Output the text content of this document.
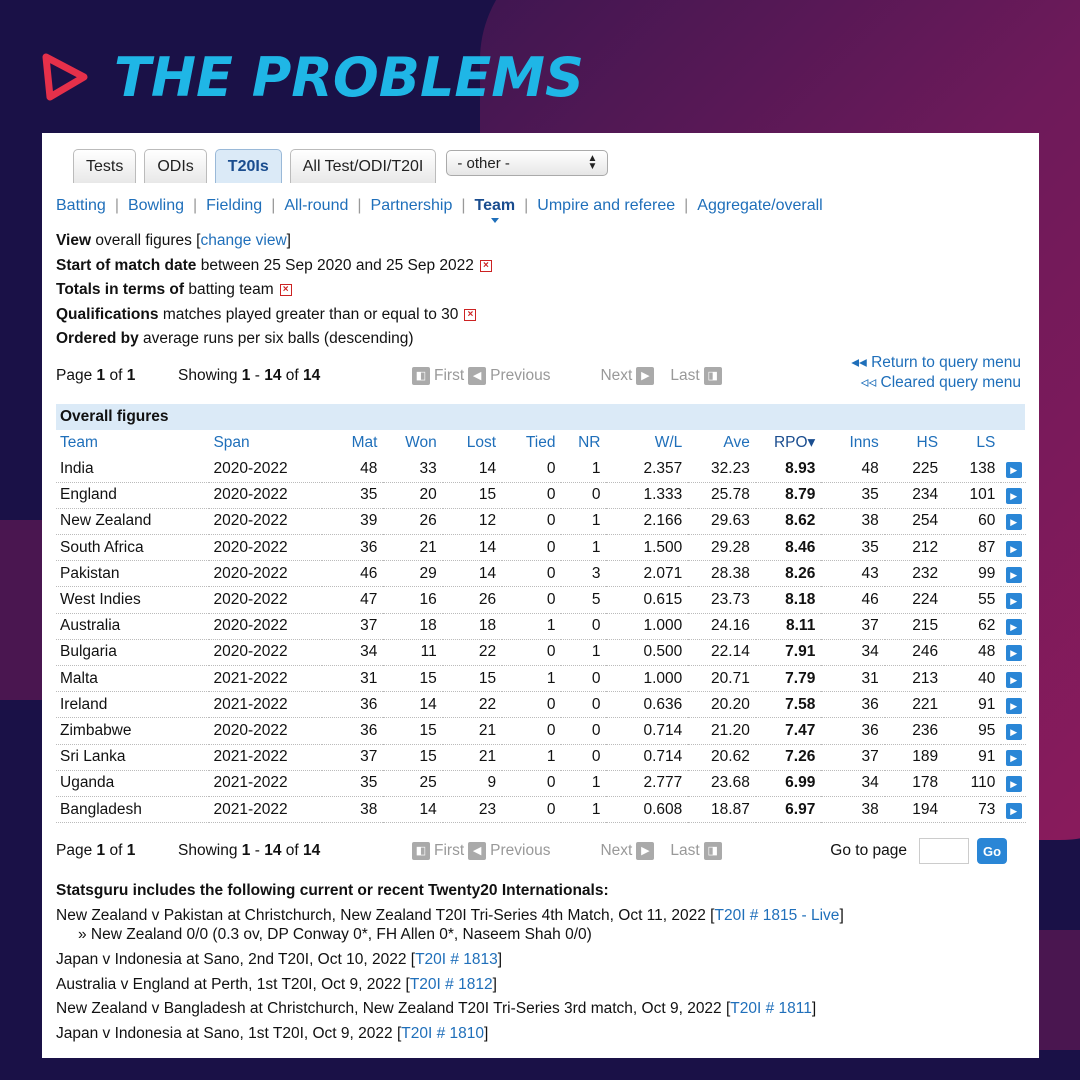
THE PROBLEMS
Tests	ODIs	T20Is	All Test/ODI/T20I	- other -	▲
▼
Batting | Bowling | Fielding | All-round | Partnership | Team | Umpire and referee | Aggregate/overall
View overall figures [change view]
Start of match date between 25 Sep 2020 and 25 Sep 2022 ×
Totals in terms of batting team ×
Qualifications matches played greater than or equal to 30 ×
Ordered by average runs per six balls (descending)
◂◂ Return to query menu
◃◃ Cleared query menu
Page 1 of 1	Showing 1 - 14 of 14	◧ First ◀ Previous	Next ▶	Last ◨
Overall figures
Team	Span	Mat	Won	Lost	Tied	NR	W/L	Ave	RPO▾	Inns	HS	LS	
India	2020-2022	48	33	14	0	1	2.357	32.23	8.93	48	225	138	▶
England	2020-2022	35	20	15	0	0	1.333	25.78	8.79	35	234	101	▶
New Zealand	2020-2022	39	26	12	0	1	2.166	29.63	8.62	38	254	60	▶
South Africa	2020-2022	36	21	14	0	1	1.500	29.28	8.46	35	212	87	▶
Pakistan	2020-2022	46	29	14	0	3	2.071	28.38	8.26	43	232	99	▶
West Indies	2020-2022	47	16	26	0	5	0.615	23.73	8.18	46	224	55	▶
Australia	2020-2022	37	18	18	1	0	1.000	24.16	8.11	37	215	62	▶
Bulgaria	2020-2022	34	11	22	0	1	0.500	22.14	7.91	34	246	48	▶
Malta	2021-2022	31	15	15	1	0	1.000	20.71	7.79	31	213	40	▶
Ireland	2021-2022	36	14	22	0	0	0.636	20.20	7.58	36	221	91	▶
Zimbabwe	2020-2022	36	15	21	0	0	0.714	21.20	7.47	36	236	95	▶
Sri Lanka	2021-2022	37	15	21	1	0	0.714	20.62	7.26	37	189	91	▶
Uganda	2021-2022	35	25	9	0	1	2.777	23.68	6.99	34	178	110	▶
Bangladesh	2021-2022	38	14	23	0	1	0.608	18.87	6.97	38	194	73	▶
Page 1 of 1	Showing 1 - 14 of 14	◧ First ◀ Previous	Next ▶	Last ◨	Go to page	Go
Statsguru includes the following current or recent Twenty20 Internationals:
New Zealand v Pakistan at Christchurch, New Zealand T20I Tri-Series 4th Match, Oct 11, 2022 [T20I # 1815 - Live]
» New Zealand 0/0 (0.3 ov, DP Conway 0*, FH Allen 0*, Naseem Shah 0/0)
Japan v Indonesia at Sano, 2nd T20I, Oct 10, 2022 [T20I # 1813]
Australia v England at Perth, 1st T20I, Oct 9, 2022 [T20I # 1812]
New Zealand v Bangladesh at Christchurch, New Zealand T20I Tri-Series 3rd match, Oct 9, 2022 [T20I # 1811]
Japan v Indonesia at Sano, 1st T20I, Oct 9, 2022 [T20I # 1810]
